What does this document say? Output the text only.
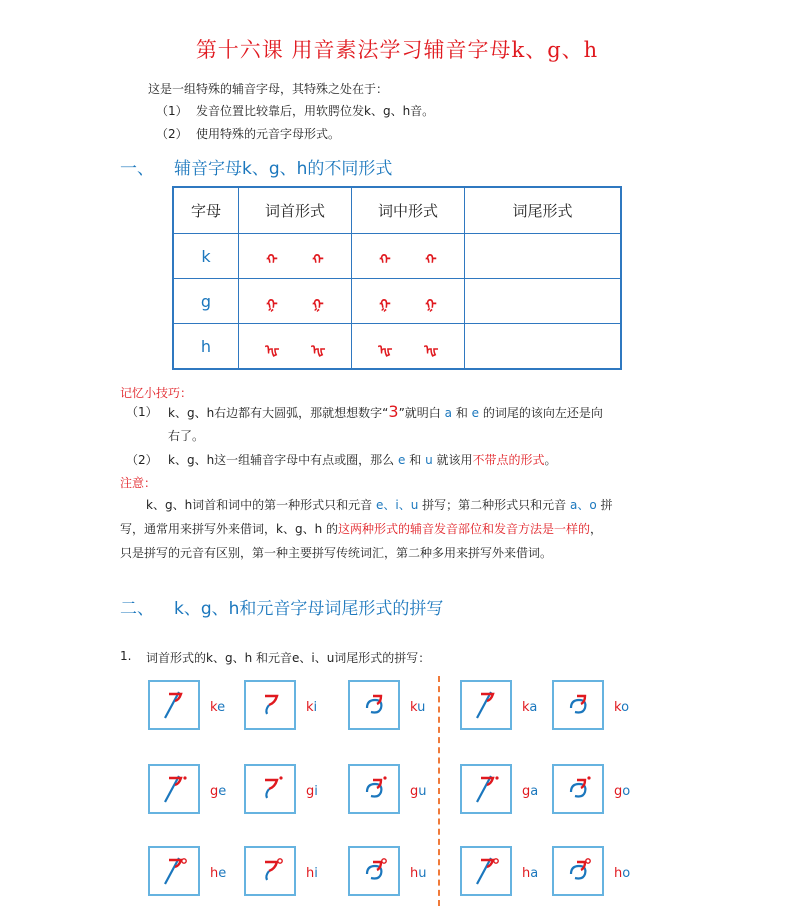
第十六课 用音素法学习辅音字母k、g、h
这是一组特殊的辅音字母，其特殊之处在于：
（1） 发音位置比较靠后，用软腭位发k、g、h音。
（2） 使用特殊的元音字母形式。
一、 辅音字母k、g、h的不同形式
字母	词首形式	词中形式	词尾形式
k	ᠬ ᠬ	ᠬ ᠬ	
g	ᠭ ᠭ	ᠭ ᠭ	
h	ᠾ ᠾ	ᠾ ᠾ	
记忆小技巧：
（1） k、g、h右边都有大圆弧，那就想想数字“3”就明白 a 和 e 的词尾的该向左还是向
右了。
（2） k、g、h这一组辅音字母中有点或圈，那么 e 和 u 就该用不带点的形式。
注意：
k、g、h词首和词中的第一种形式只和元音 e、i、u 拼写；第二种形式只和元音 a、o 拼
写，通常用来拼写外来借词，k、g、h 的这两种形式的辅音发音部位和发音方法是一样的，
只是拼写的元音有区别，第一种主要拼写传统词汇，第二种多用来拼写外来借词。
二、 k、g、h和元音字母词尾形式的拼写
1. 词首形式的k、g、h 和元音e、i、u词尾形式的拼写：
ke	ki	ku	ka	ko
ge	gi	gu	ga	go
he	hi	hu	ha	ho
